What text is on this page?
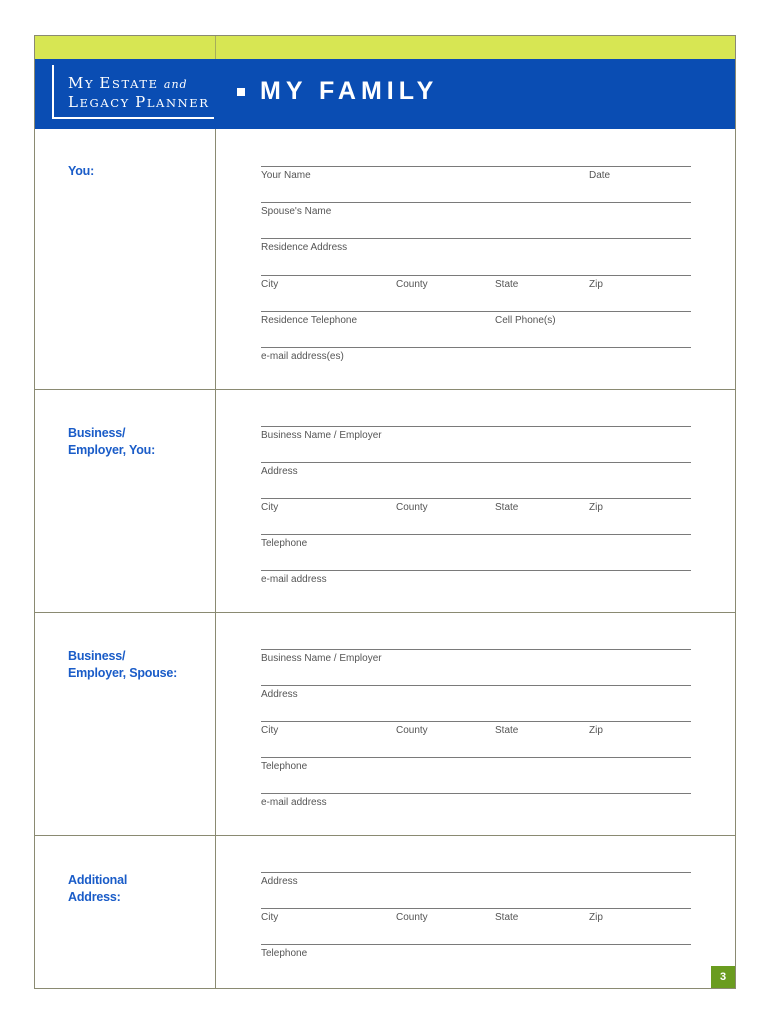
MY ESTATE and
LEGACY PLANNER	MY FAMILY
You:	Your Name	Date
Spouse's Name
Residence Address
City	County	State	Zip
Residence Telephone	Cell Phone(s)
e-mail address(es)
Business/
Employer, You:
Business Name / Employer
Address
City	County	State	Zip
Telephone
e-mail address
Business/
Employer, Spouse:
Business Name / Employer
Address
City	County	State	Zip
Telephone
e-mail address
Additional
Address:
Address
City	County	State	Zip
Telephone
3
